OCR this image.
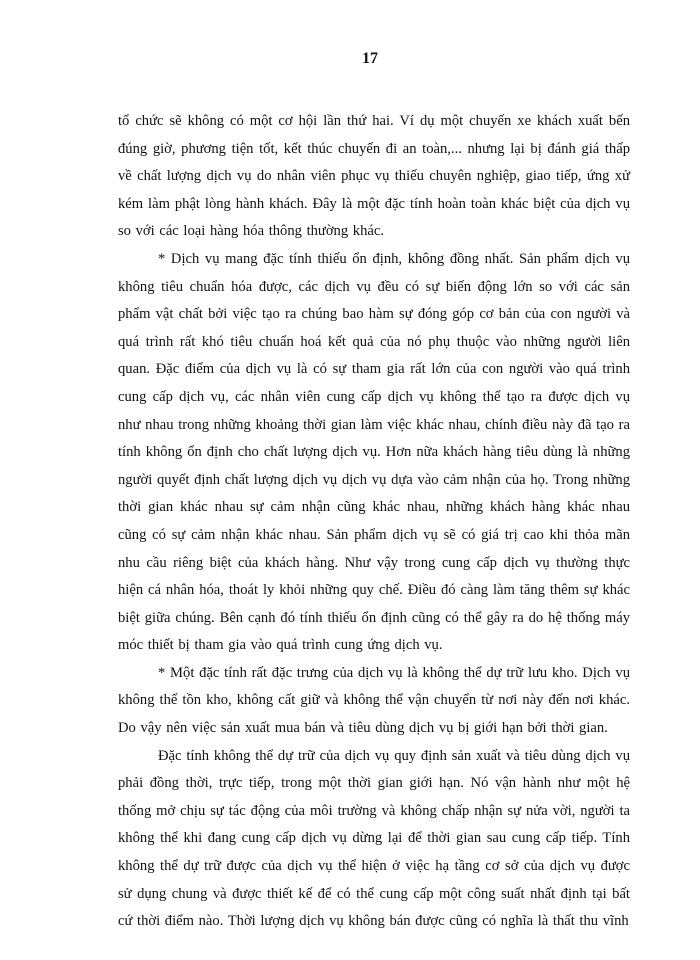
17

tổ chức sẽ không có một cơ hội lần thứ hai. Ví dụ một chuyến xe khách xuất bến đúng giờ, phương tiện tốt, kết thúc chuyến đi an toàn,... nhưng lại bị đánh giá thấp về chất lượng dịch vụ do nhân viên phục vụ thiếu chuyên nghiệp, giao tiếp, ứng xử kém làm phật lòng hành khách. Đây là một đặc tính hoàn toàn khác biệt của dịch vụ so với các loại hàng hóa thông thường khác.

* Dịch vụ mang đặc tính thiếu ổn định, không đồng nhất. Sản phẩm dịch vụ không tiêu chuẩn hóa được, các dịch vụ đều có sự biến động lớn so với các sản phẩm vật chất bởi việc tạo ra chúng bao hàm sự đóng góp cơ bản của con người và quá trình rất khó tiêu chuẩn hoá kết quả của nó phụ thuộc vào những người liên quan. Đặc điểm của dịch vụ là có sự tham gia rất lớn của con người vào quá trình cung cấp dịch vụ, các nhân viên cung cấp dịch vụ không thể tạo ra được dịch vụ như nhau trong những khoảng thời gian làm việc khác nhau, chính điều này đã tạo ra tính không ổn định cho chất lượng dịch vụ. Hơn nữa khách hàng tiêu dùng là những người quyết định chất lượng dịch vụ dịch vụ dựa vào cảm nhận của họ. Trong những thời gian khác nhau sự cảm nhận cũng khác nhau, những khách hàng khác nhau cũng có sự cảm nhận khác nhau. Sản phẩm dịch vụ sẽ có giá trị cao khi thỏa mãn nhu cầu riêng biệt của khách hàng. Như vậy trong cung cấp dịch vụ thường thực hiện cá nhân hóa, thoát ly khỏi những quy chế. Điều đó càng làm tăng thêm sự khác biệt giữa chúng. Bên cạnh đó tính thiếu ổn định cũng có thể gây ra do hệ thống máy móc thiết bị tham gia vào quá trình cung ứng dịch vụ.

* Một đặc tính rất đặc trưng của dịch vụ là không thể dự trữ lưu kho. Dịch vụ không thể tồn kho, không cất giữ và không thể vận chuyển từ nơi này đến nơi khác. Do vậy nên việc sản xuất mua bán và tiêu dùng dịch vụ bị giới hạn bởi thời gian.

Đặc tính không thể dự trữ của dịch vụ quy định sản xuất và tiêu dùng dịch vụ phải đồng thời, trực tiếp, trong một thời gian giới hạn. Nó vận hành như một hệ thống mở chịu sự tác động của môi trường và không chấp nhận sự nửa vời, người ta không thể khi đang cung cấp dịch vụ dừng lại để thời gian sau cung cấp tiếp. Tính không thể dự trữ được của dịch vụ thể hiện ở việc hạ tầng cơ sở của dịch vụ được sử dụng chung và được thiết kế để có thể cung cấp một công suất nhất định tại bất cứ thời điểm nào. Thời lượng dịch vụ không bán được cũng có nghĩa là thất thu vĩnh
